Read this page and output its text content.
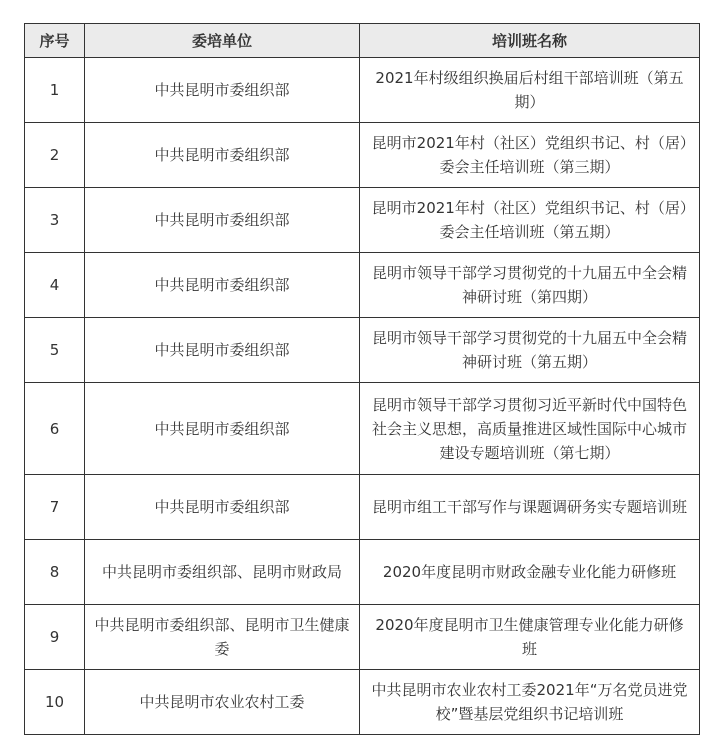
序号	委培单位	培训班名称
1	中共昆明市委组织部	2021年村级组织换届后村组干部培训班（第五期）
2	中共昆明市委组织部	昆明市2021年村（社区）党组织书记、村（居）委会主任培训班（第三期）
3	中共昆明市委组织部	昆明市2021年村（社区）党组织书记、村（居）委会主任培训班（第五期）
4	中共昆明市委组织部	昆明市领导干部学习贯彻党的十九届五中全会精神研讨班（第四期）
5	中共昆明市委组织部	昆明市领导干部学习贯彻党的十九届五中全会精神研讨班（第五期）
6	中共昆明市委组织部	昆明市领导干部学习贯彻习近平新时代中国特色社会主义思想，高质量推进区域性国际中心城市建设专题培训班（第七期）
7	中共昆明市委组织部	昆明市组工干部写作与课题调研务实专题培训班
8	中共昆明市委组织部、昆明市财政局	2020年度昆明市财政金融专业化能力研修班
9	中共昆明市委组织部、昆明市卫生健康委	2020年度昆明市卫生健康管理专业化能力研修班
10	中共昆明市农业农村工委	中共昆明市农业农村工委2021年“万名党员进党校”暨基层党组织书记培训班
